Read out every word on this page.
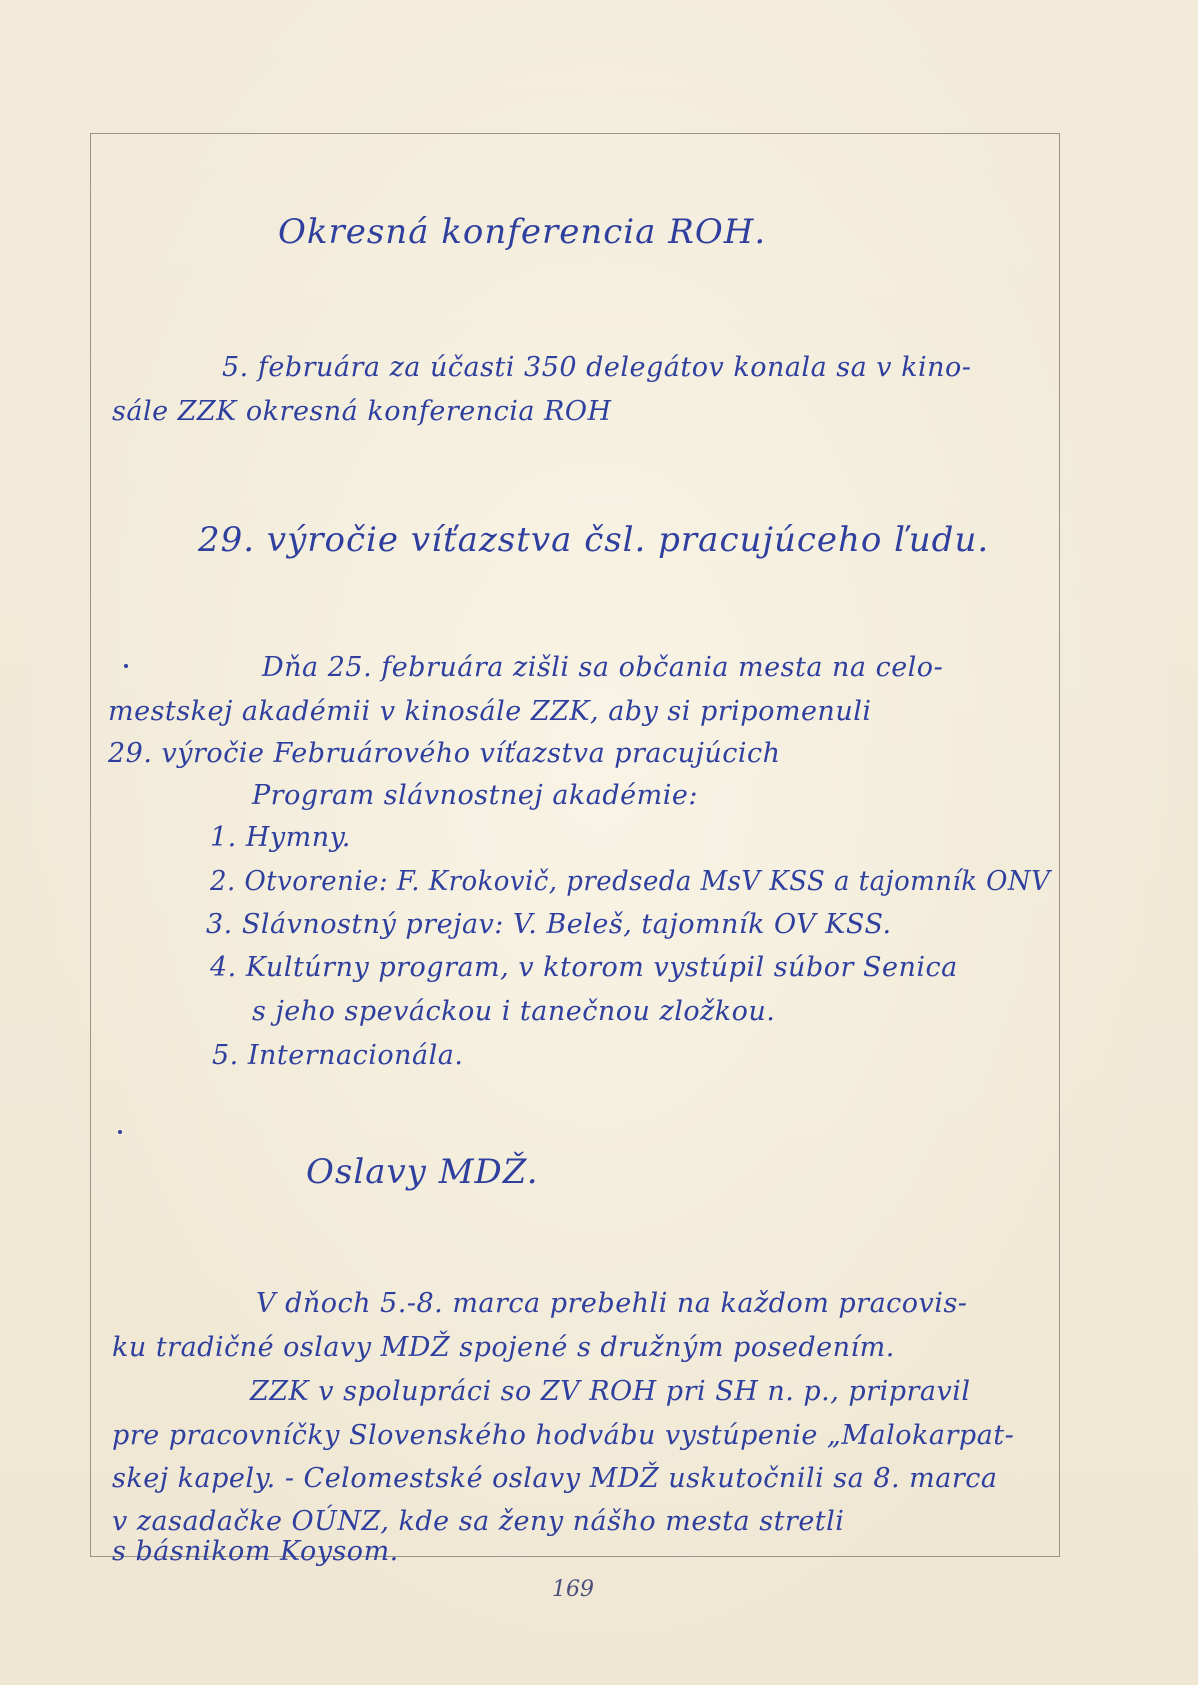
Okresná konferencia ROH.
5. februára za účasti 350 delegátov konala sa v kino-
sále ZZK okresná konferencia ROH
29. výročie víťazstva čsl. pracujúceho ľudu.
Dňa 25. februára zišli sa občania mesta na celo-
mestskej akadémii v kinosále ZZK, aby si pripomenuli
29. výročie Februárového víťazstva pracujúcich
Program slávnostnej akadémie:
1. Hymny.
2. Otvorenie: F. Krokovič, predseda MsV KSS a tajomník ONV
3. Slávnostný prejav: V. Beleš, tajomník OV KSS.
4. Kultúrny program, v ktorom vystúpil súbor Senica
s jeho speváckou i tanečnou zložkou.
5. Internacionála.
Oslavy MDŽ.
V dňoch 5.-8. marca prebehli na každom pracovis-
ku tradičné oslavy MDŽ spojené s družným posedením.
ZZK v spolupráci so ZV ROH pri SH n. p., pripravil
pre pracovníčky Slovenského hodvábu vystúpenie „Malokarpat-
skej kapely. - Celomestské oslavy MDŽ uskutočnili sa 8. marca
v zasadačke OÚNZ, kde sa ženy nášho mesta stretli
s básnikom Koysom.
169
